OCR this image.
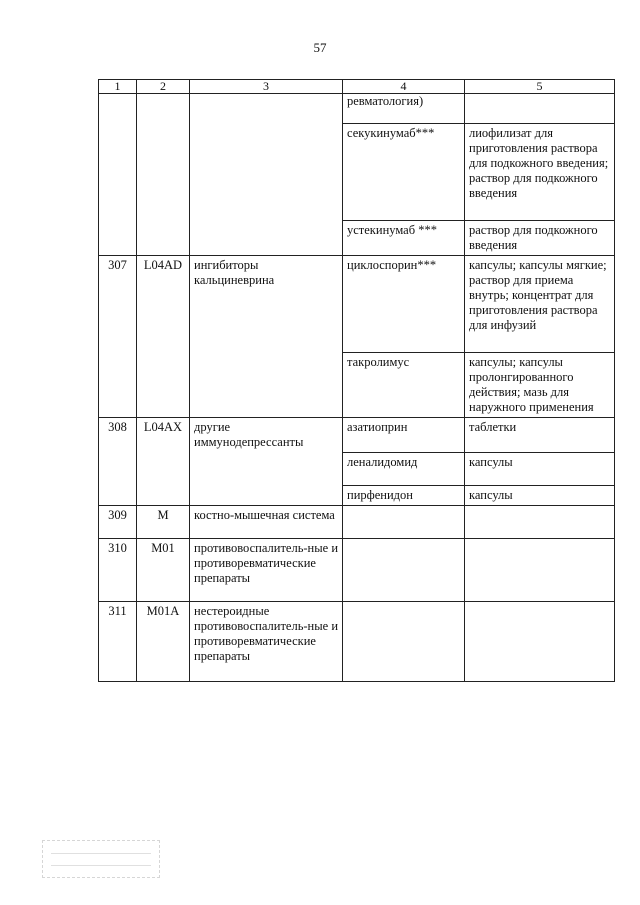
57
1	2	3	4	5
			ревматология)	
			секукинумаб***	лиофилизат для приготовления раствора для подкожного введения; раствор для подкожного введения
			устекинумаб ***	раствор для подкожного введения
307	L04AD	ингибиторы кальциневрина	циклоспорин***	капсулы; капсулы мягкие; раствор для приема внутрь; концентрат для приготовления раствора для инфузий
			такролимус	капсулы; капсулы пролонгированного действия; мазь для наружного применения
308	L04AX	другие иммунодепрессанты	азатиоприн	таблетки
			леналидомид	капсулы
			пирфенидон	капсулы
309	M	костно-мышечная система		
310	M01	противовоспалитель-ные и противоревматические препараты		
311	M01A	нестероидные противовоспалитель-ные и противоревматические препараты		
